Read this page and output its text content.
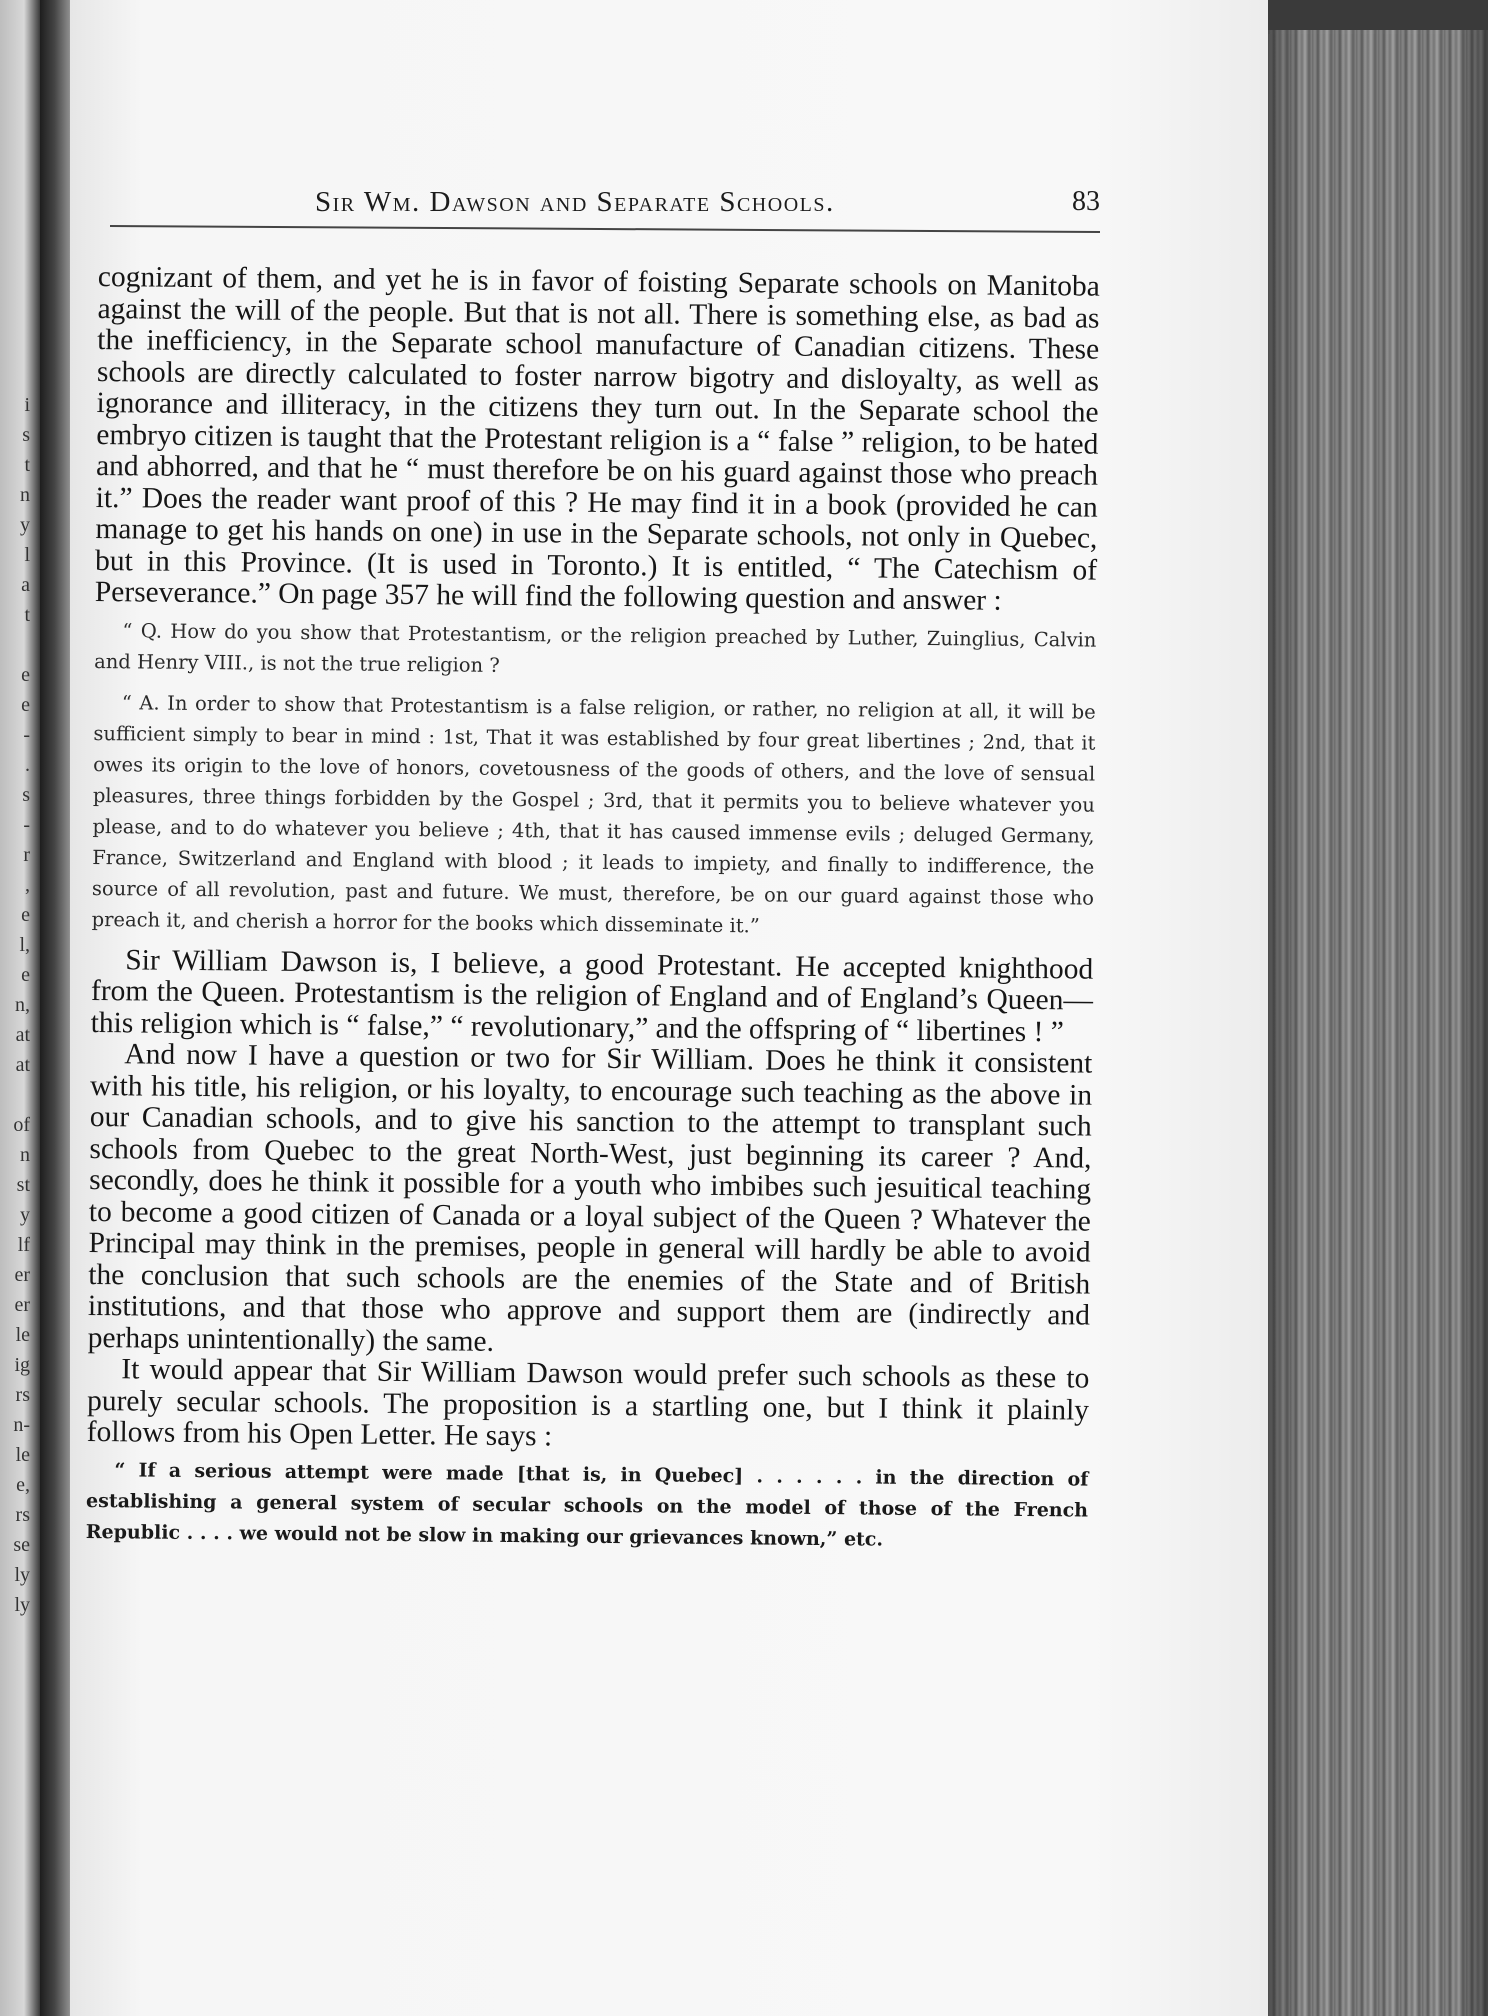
i
s
t
n
y
l
a
t
e
e
-
.
s
-
r
,
e
l,
e
n,
at
at
of
n
st
y
lf
er
er
le
ig
rs
n-
le
e,
rs
se
ly
ly
Sir Wm. Dawson and Separate Schools.	83

cognizant of them, and yet he is in favor of foisting Separate schools on Manitoba against the will of the people. But that is not all. There is something else, as bad as the inefficiency, in the Separate school manufacture of Canadian citizens. These schools are directly calculated to foster narrow bigotry and disloyalty, as well as ignorance and illiteracy, in the citizens they turn out. In the Separate school the embryo citizen is taught that the Protestant religion is a “ false ” religion, to be hated and abhorred, and that he “ must therefore be on his guard against those who preach it.” Does the reader want proof of this ? He may find it in a book (provided he can manage to get his hands on one) in use in the Separate schools, not only in Quebec, but in this Province. (It is used in Toronto.) It is entitled, “ The Catechism of Perseverance.” On page 357 he will find the following question and answer :

“ Q. How do you show that Protestantism, or the religion preached by Luther, Zuinglius, Calvin and Henry VIII., is not the true religion ?

“ A. In order to show that Protestantism is a false religion, or rather, no religion at all, it will be sufficient simply to bear in mind : 1st, That it was established by four great libertines ; 2nd, that it owes its origin to the love of honors, covetousness of the goods of others, and the love of sensual pleasures, three things forbidden by the Gospel ; 3rd, that it permits you to believe whatever you please, and to do whatever you believe ; 4th, that it has caused immense evils ; deluged Germany, France, Switzerland and England with blood ; it leads to impiety, and finally to indifference, the source of all revolution, past and future. We must, therefore, be on our guard against those who preach it, and cherish a horror for the books which disseminate it.”

Sir William Dawson is, I believe, a good Protestant. He accepted knighthood from the Queen. Protestantism is the religion of England and of England’s Queen—this religion which is “ false,” “ revolutionary,” and the offspring of “ libertines ! ”

And now I have a question or two for Sir William. Does he think it consistent with his title, his religion, or his loyalty, to encourage such teaching as the above in our Canadian schools, and to give his sanction to the attempt to transplant such schools from Quebec to the great North-West, just beginning its career ? And, secondly, does he think it possible for a youth who imbibes such jesuitical teaching to become a good citizen of Canada or a loyal subject of the Queen ? Whatever the Principal may think in the premises, people in general will hardly be able to avoid the conclusion that such schools are the enemies of the State and of British institutions, and that those who approve and support them are (indirectly and perhaps unintentionally) the same.

It would appear that Sir William Dawson would prefer such schools as these to purely secular schools. The proposition is a startling one, but I think it plainly follows from his Open Letter. He says :

“ If a serious attempt were made [that is, in Quebec] . . . . . . in the direction of establishing a general system of secular schools on the model of those of the French Republic . . . . we would not be slow in making our grievances known,” etc.
